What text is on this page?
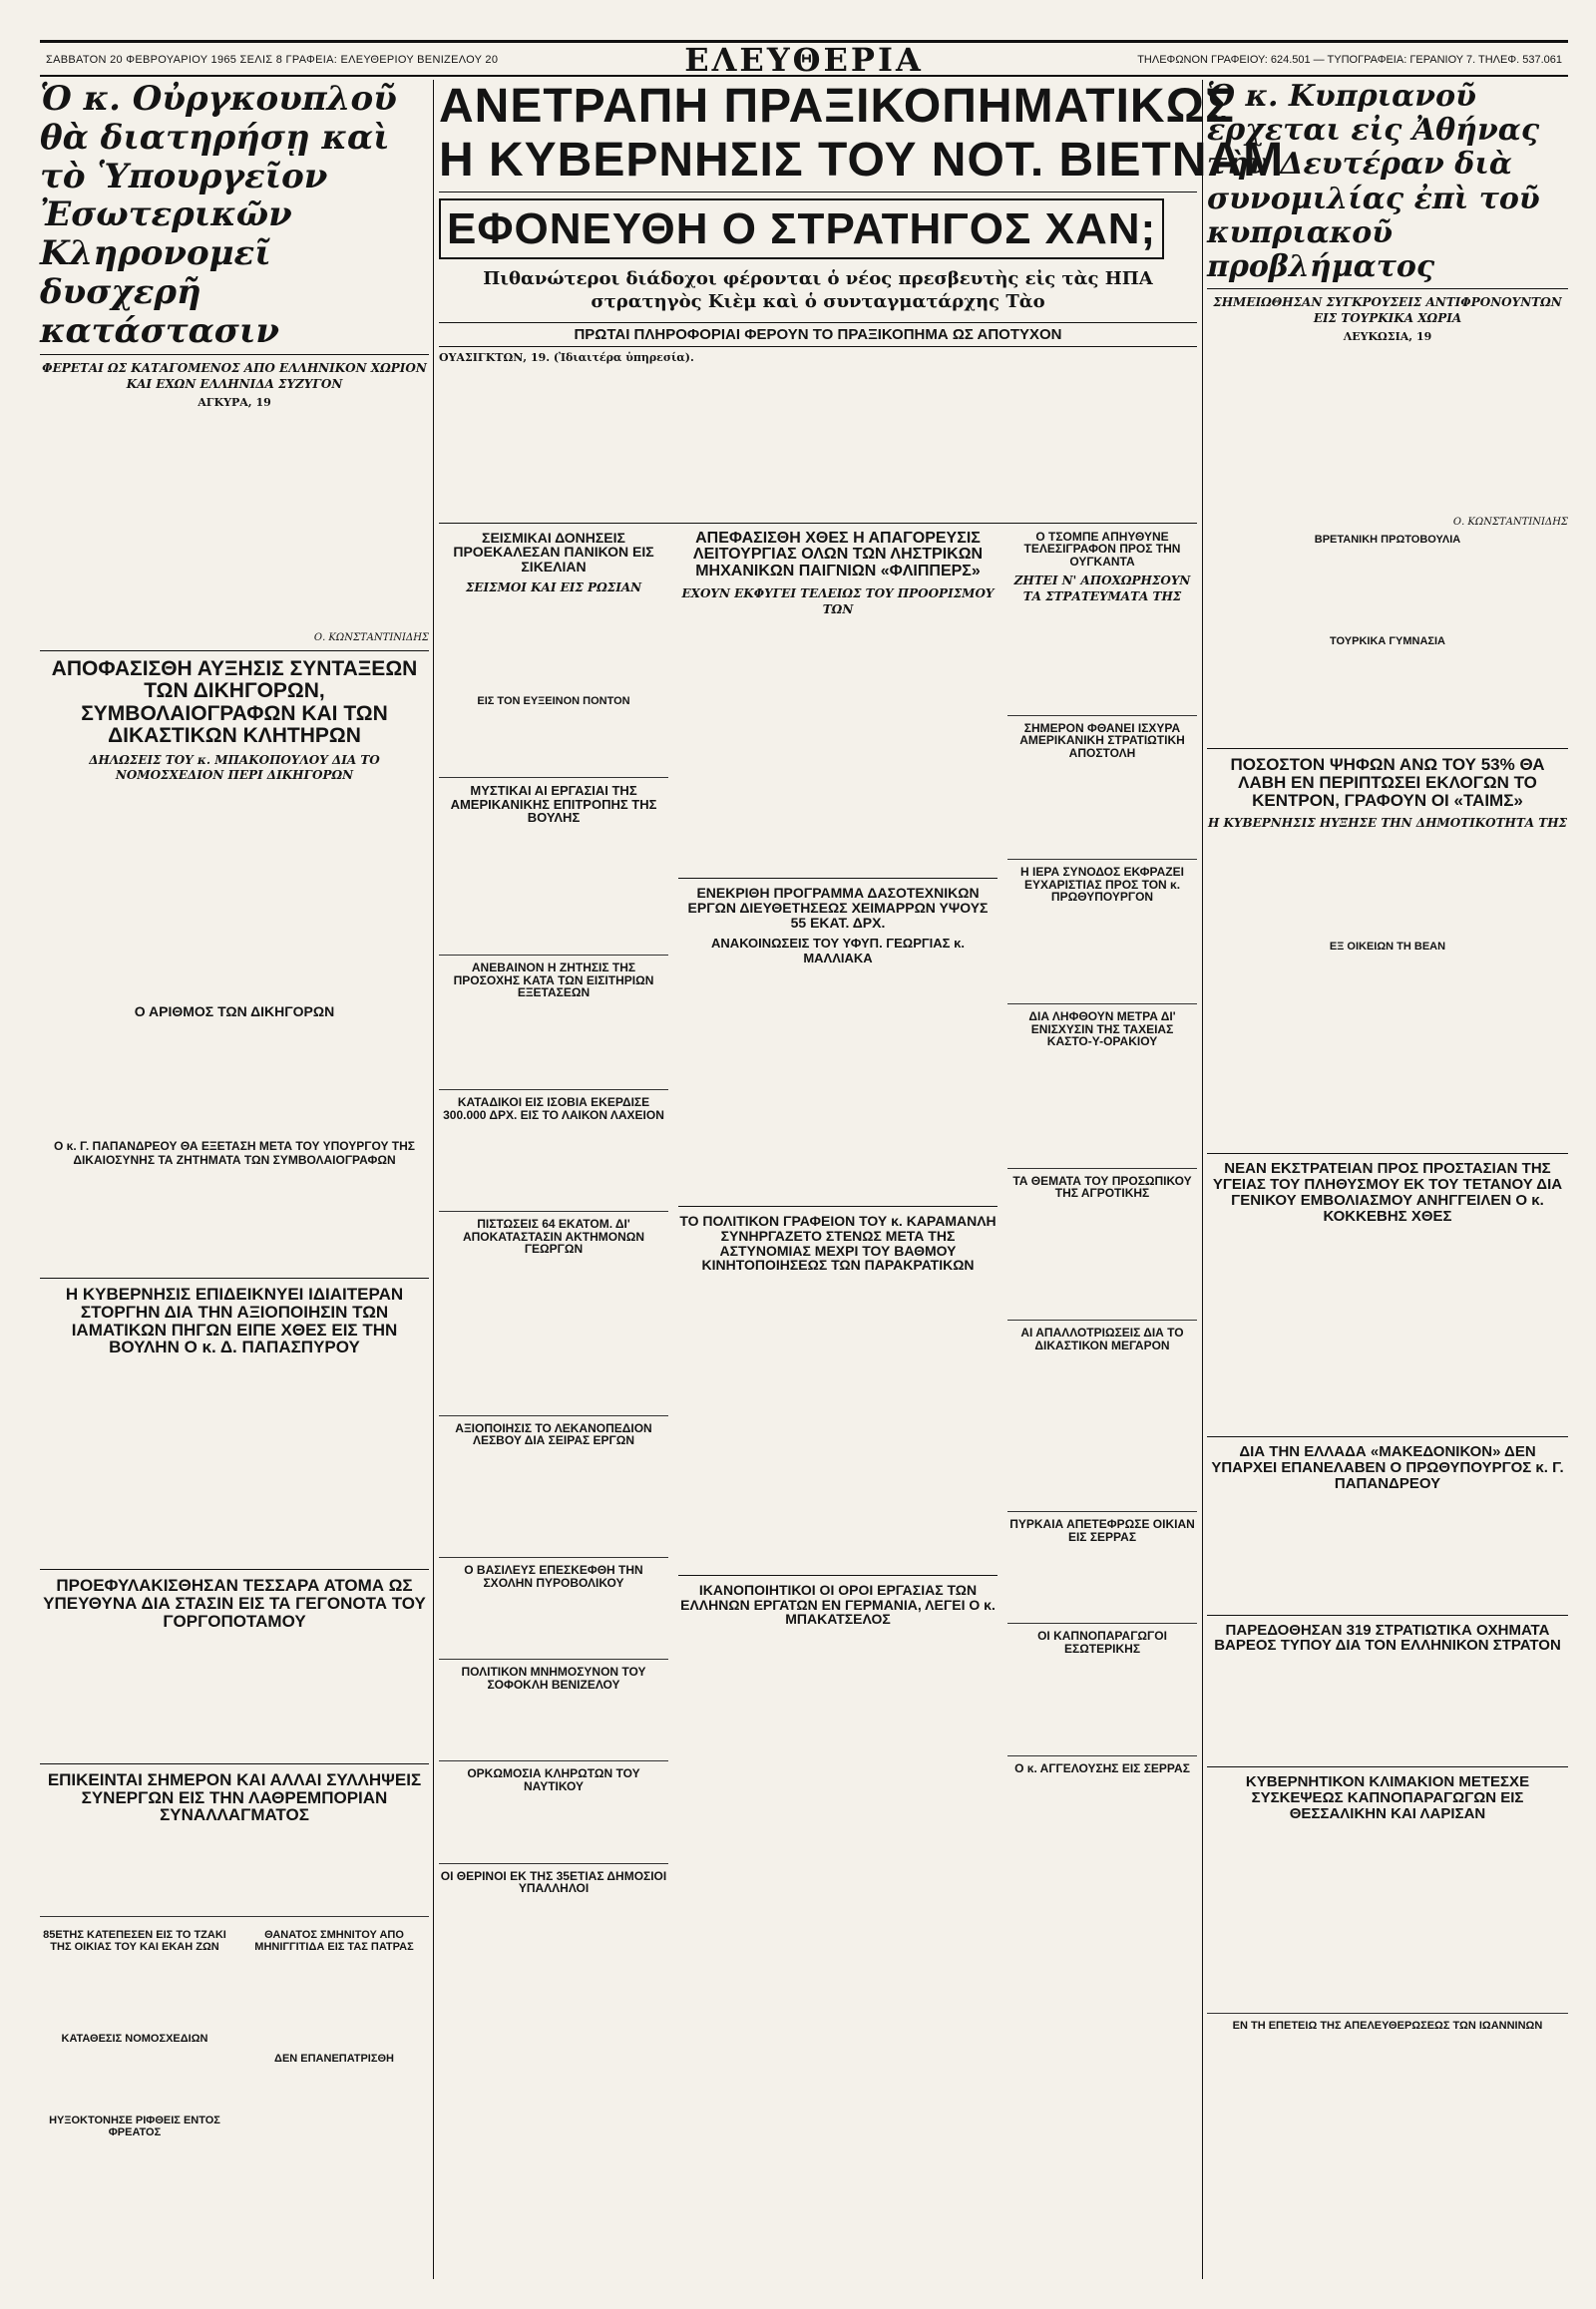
ΣΑΒΒΑΤΟΝ 20 ΦΕΒΡΟΥΑΡΙΟΥ 1965 ΣΕΛΙΣ 8 ΓΡΑΦΕΙΑ: ΕΛΕΥΘΕΡΙΟΥ ΒΕΝΙΖΕΛΟΥ 20	ΕΛΕΥΘΕΡΙΑ	ΤΗΛΕΦΩΝΟΝ ΓΡΑΦΕΙΟΥ: 624.501 — ΤΥΠΟΓΡΑΦΕΙΑ: ΓΕΡΑΝΙΟΥ 7. ΤΗΛΕΦ. 537.061
Ὁ κ. Οὐργκουπλοῦ θὰ διατηρήσῃ καὶ τὸ Ὑπουργεῖον Ἐσωτερικῶν Κληρονομεῖ δυσχερῆ κατάστασιν
ΦΕΡΕΤΑΙ ΩΣ ΚΑΤΑΓΟΜΕΝΟΣ ΑΠΟ ΕΛΛΗΝΙΚΟΝ ΧΩΡΙΟΝ ΚΑΙ ΕΧΩΝ ΕΛΛΗΝΙΔΑ ΣΥΖΥΓΟΝ
ΑΓΚΥΡΑ, 19
Ο. ΚΩΝΣΤΑΝΤΙΝΙΔΗΣ
ΑΠΟΦΑΣΙΣΘΗ ΑΥΞΗΣΙΣ ΣΥΝΤΑΞΕΩΝ ΤΩΝ ΔΙΚΗΓΟΡΩΝ, ΣΥΜΒΟΛΑΙΟΓΡΑΦΩΝ ΚΑΙ ΤΩΝ ΔΙΚΑΣΤΙΚΩΝ ΚΛΗΤΗΡΩΝ
ΔΗΛΩΣΕΙΣ ΤΟΥ κ. ΜΠΑΚΟΠΟΥΛΟΥ ΔΙΑ ΤΟ ΝΟΜΟΣΧΕΔΙΟΝ ΠΕΡΙ ΔΙΚΗΓΟΡΩΝ
Ο ΑΡΙΘΜΟΣ ΤΩΝ ΔΙΚΗΓΟΡΩΝ
Ο κ. Γ. ΠΑΠΑΝΔΡΕΟΥ ΘΑ ΕΞΕΤΑΣΗ ΜΕΤΑ ΤΟΥ ΥΠΟΥΡΓΟΥ ΤΗΣ ΔΙΚΑΙΟΣΥΝΗΣ ΤΑ ΖΗΤΗΜΑΤΑ ΤΩΝ ΣΥΜΒΟΛΑΙΟΓΡΑΦΩΝ
Η ΚΥΒΕΡΝΗΣΙΣ ΕΠΙΔΕΙΚΝΥΕΙ ΙΔΙΑΙΤΕΡΑΝ ΣΤΟΡΓΗΝ ΔΙΑ ΤΗΝ ΑΞΙΟΠΟΙΗΣΙΝ ΤΩΝ ΙΑΜΑΤΙΚΩΝ ΠΗΓΩΝ ΕΙΠΕ ΧΘΕΣ ΕΙΣ ΤΗΝ ΒΟΥΛΗΝ Ο κ. Δ. ΠΑΠΑΣΠΥΡΟΥ
ΠΡΟΕΦΥΛΑΚΙΣΘΗΣΑΝ ΤΕΣΣΑΡΑ ΑΤΟΜΑ ΩΣ ΥΠΕΥΘΥΝΑ ΔΙΑ ΣΤΑΣΙΝ ΕΙΣ ΤΑ ΓΕΓΟΝΟΤΑ ΤΟΥ ΓΟΡΓΟΠΟΤΑΜΟΥ
ΕΠΙΚΕΙΝΤΑΙ ΣΗΜΕΡΟΝ ΚΑΙ ΑΛΛΑΙ ΣΥΛΛΗΨΕΙΣ ΣΥΝΕΡΓΩΝ ΕΙΣ ΤΗΝ ΛΑΘΡΕΜΠΟΡΙΑΝ ΣΥΝΑΛΛΑΓΜΑΤΟΣ
85ΕΤΗΣ ΚΑΤΕΠΕΣΕΝ ΕΙΣ ΤΟ ΤΖΑΚΙ ΤΗΣ ΟΙΚΙΑΣ ΤΟΥ ΚΑΙ ΕΚΑΗ ΖΩΝ
ΚΑΤΑΘΕΣΙΣ ΝΟΜΟΣΧΕΔΙΩΝ
ΗΥΞΟΚΤΟΝΗΣΕ ΡΙΦΘΕΙΣ ΕΝΤΟΣ ΦΡΕΑΤΟΣ
ΘΑΝΑΤΟΣ ΣΜΗΝΙΤΟΥ ΑΠΟ ΜΗΝΙΓΓΙΤΙΔΑ ΕΙΣ ΤΑΣ ΠΑΤΡΑΣ
ΔΕΝ ΕΠΑΝΕΠΑΤΡΙΣΘΗ
ΑΝΕΤΡΑΠΗ ΠΡΑΞΙΚΟΠΗΜΑΤΙΚΩΣ
Η ΚΥΒΕΡΝΗΣΙΣ ΤΟΥ ΝΟΤ. ΒΙΕΤΝΑΜ
ΕΦΟΝΕΥΘΗ Ο ΣΤΡΑΤΗΓΟΣ ΧΑΝ;
Πιθανώτεροι διάδοχοι φέρονται ὁ νέος πρεσβευτὴς εἰς τὰς ΗΠΑ στρατηγὸς Κιὲμ καὶ ὁ συνταγματάρχης Τὰο
ΠΡΩΤΑΙ ΠΛΗΡΟΦΟΡΙΑΙ ΦΕΡΟΥΝ ΤΟ ΠΡΑΞΙΚΟΠΗΜΑ ΩΣ ΑΠΟΤΥΧΟΝ
ΟΥΑΣΙΓΚΤΩΝ, 19. (Ἰδιαιτέρα ὑπηρεσία).
ΣΕΙΣΜΙΚΑΙ ΔΟΝΗΣΕΙΣ ΠΡΟΕΚΑΛΕΣΑΝ ΠΑΝΙΚΟΝ ΕΙΣ ΣΙΚΕΛΙΑΝ
ΣΕΙΣΜΟΙ ΚΑΙ ΕΙΣ ΡΩΣΙΑΝ
ΕΙΣ ΤΟΝ ΕΥΞΕΙΝΟΝ ΠΟΝΤΟΝ
ΜΥΣΤΙΚΑΙ ΑΙ ΕΡΓΑΣΙΑΙ ΤΗΣ ΑΜΕΡΙΚΑΝΙΚΗΣ ΕΠΙΤΡΟΠΗΣ ΤΗΣ ΒΟΥΛΗΣ
ΑΝΕΒΑΙΝΟΝ Η ΖΗΤΗΣΙΣ ΤΗΣ ΠΡΟΣΟΧΗΣ ΚΑΤΑ ΤΩΝ ΕΙΣΙΤΗΡΙΩΝ ΕΞΕΤΑΣΕΩΝ
ΚΑΤΑΔΙΚΟΙ ΕΙΣ ΙΣΟΒΙΑ ΕΚΕΡΔΙΣΕ 300.000 ΔΡΧ. ΕΙΣ ΤΟ ΛΑΙΚΟΝ ΛΑΧΕΙΟΝ
ΠΙΣΤΩΣΕΙΣ 64 ΕΚΑΤΟΜ. ΔΙ' ΑΠΟΚΑΤΑΣΤΑΣΙΝ ΑΚΤΗΜΟΝΩΝ ΓΕΩΡΓΩΝ
ΑΞΙΟΠΟΙΗΣΙΣ ΤΟ ΛΕΚΑΝΟΠΕΔΙΟΝ ΛΕΣΒΟΥ ΔΙΑ ΣΕΙΡΑΣ ΕΡΓΩΝ
Ο ΒΑΣΙΛΕΥΣ ΕΠΕΣΚΕΦΘΗ ΤΗΝ ΣΧΟΛΗΝ ΠΥΡΟΒΟΛΙΚΟΥ
ΠΟΛΙΤΙΚΟΝ ΜΝΗΜΟΣΥΝΟΝ ΤΟΥ ΣΟΦΟΚΛΗ ΒΕΝΙΖΕΛΟΥ
ΟΡΚΩΜΟΣΙΑ ΚΛΗΡΩΤΩΝ ΤΟΥ ΝΑΥΤΙΚΟΥ
ΟΙ ΘΕΡΙΝΟΙ ΕΚ ΤΗΣ 35ΕΤΙΑΣ ΔΗΜΟΣΙΟΙ ΥΠΑΛΛΗΛΟΙ
ΑΠΕΦΑΣΙΣΘΗ ΧΘΕΣ Η ΑΠΑΓΟΡΕΥΣΙΣ ΛΕΙΤΟΥΡΓΙΑΣ ΟΛΩΝ ΤΩΝ ΛΗΣΤΡΙΚΩΝ ΜΗΧΑΝΙΚΩΝ ΠΑΙΓΝΙΩΝ «ΦΛΙΠΠΕΡΣ»
ΕΧΟΥΝ ΕΚΦΥΓΕΙ ΤΕΛΕΙΩΣ ΤΟΥ ΠΡΟΟΡΙΣΜΟΥ ΤΩΝ
ΕΝΕΚΡΙΘΗ ΠΡΟΓΡΑΜΜΑ ΔΑΣΟΤΕΧΝΙΚΩΝ ΕΡΓΩΝ ΔΙΕΥΘΕΤΗΣΕΩΣ ΧΕΙΜΑΡΡΩΝ ΥΨΟΥΣ 55 ΕΚΑΤ. ΔΡΧ.
ΑΝΑΚΟΙΝΩΣΕΙΣ ΤΟΥ ΥΦΥΠ. ΓΕΩΡΓΙΑΣ κ. ΜΑΛΛΙΑΚΑ
ΤΟ ΠΟΛΙΤΙΚΟΝ ΓΡΑΦΕΙΟΝ ΤΟΥ κ. ΚΑΡΑΜΑΝΛΗ ΣΥΝΗΡΓΑΖΕΤΟ ΣΤΕΝΩΣ ΜΕΤΑ ΤΗΣ ΑΣΤΥΝΟΜΙΑΣ ΜΕΧΡΙ ΤΟΥ ΒΑΘΜΟΥ ΚΙΝΗΤΟΠΟΙΗΣΕΩΣ ΤΩΝ ΠΑΡΑΚΡΑΤΙΚΩΝ
ΙΚΑΝΟΠΟΙΗΤΙΚΟΙ ΟΙ ΟΡΟΙ ΕΡΓΑΣΙΑΣ ΤΩΝ ΕΛΛΗΝΩΝ ΕΡΓΑΤΩΝ ΕΝ ΓΕΡΜΑΝΙΑ, ΛΕΓΕΙ Ο κ. ΜΠΑΚΑΤΣΕΛΟΣ
Ο ΤΣΟΜΠΕ ΑΠΗΥΘΥΝΕ ΤΕΛΕΣΙΓΡΑΦΟΝ ΠΡΟΣ ΤΗΝ ΟΥΓΚΑΝΤΑ
ΖΗΤΕΙ Ν' ΑΠΟΧΩΡΗΣΟΥΝ ΤΑ ΣΤΡΑΤΕΥΜΑΤΑ ΤΗΣ
ΣΗΜΕΡΟΝ ΦΘΑΝΕΙ ΙΣΧΥΡΑ ΑΜΕΡΙΚΑΝΙΚΗ ΣΤΡΑΤΙΩΤΙΚΗ ΑΠΟΣΤΟΛΗ
Η ΙΕΡΑ ΣΥΝΟΔΟΣ ΕΚΦΡΑΖΕΙ ΕΥΧΑΡΙΣΤΙΑΣ ΠΡΟΣ ΤΟΝ κ. ΠΡΩΘΥΠΟΥΡΓΟΝ
ΔΙΑ ΛΗΦΘΟΥΝ ΜΕΤΡΑ ΔΙ' ΕΝΙΣΧΥΣΙΝ ΤΗΣ ΤΑΧΕΙΑΣ ΚΑΣΤΟ-Υ-ΟΡΑΚΙΟΥ
ΤΑ ΘΕΜΑΤΑ ΤΟΥ ΠΡΟΣΩΠΙΚΟΥ ΤΗΣ ΑΓΡΟΤΙΚΗΣ
ΑΙ ΑΠΑΛΛΟΤΡΙΩΣΕΙΣ ΔΙΑ ΤΟ ΔΙΚΑΣΤΙΚΟΝ ΜΕΓΑΡΟΝ
ΠΥΡΚΑΙΑ ΑΠΕΤΕΦΡΩΣΕ ΟΙΚΙΑΝ ΕΙΣ ΣΕΡΡΑΣ
ΟΙ ΚΑΠΝΟΠΑΡΑΓΩΓΟΙ ΕΣΩΤΕΡΙΚΗΣ
Ο κ. ΑΓΓΕΛΟΥΣΗΣ ΕΙΣ ΣΕΡΡΑΣ
Ὁ κ. Κυπριανοῦ ἔρχεται εἰς Ἀθήνας τὴν Δευτέραν διὰ συνομιλίας ἐπὶ τοῦ κυπριακοῦ προβλήματος
ΣΗΜΕΙΩΘΗΣΑΝ ΣΥΓΚΡΟΥΣΕΙΣ ΑΝΤΙΦΡΟΝΟΥΝΤΩΝ ΕΙΣ ΤΟΥΡΚΙΚΑ ΧΩΡΙΑ
ΛΕΥΚΩΣΙΑ, 19
Ο. ΚΩΝΣΤΑΝΤΙΝΙΔΗΣ
ΒΡΕΤΑΝΙΚΗ ΠΡΩΤΟΒΟΥΛΙΑ
ΤΟΥΡΚΙΚΑ ΓΥΜΝΑΣΙΑ
ΠΟΣΟΣΤΟΝ ΨΗΦΩΝ ΑΝΩ ΤΟΥ 53% ΘΑ ΛΑΒΗ ΕΝ ΠΕΡΙΠΤΩΣΕΙ ΕΚΛΟΓΩΝ ΤΟ ΚΕΝΤΡΟΝ, ΓΡΑΦΟΥΝ ΟΙ «ΤΑΙΜΣ»
Η ΚΥΒΕΡΝΗΣΙΣ ΗΥΞΗΣΕ ΤΗΝ ΔΗΜΟΤΙΚΟΤΗΤΑ ΤΗΣ
ΕΞ ΟΙΚΕΙΩΝ ΤΗ ΒΕΑΝ
ΝΕΑΝ ΕΚΣΤΡΑΤΕΙΑΝ ΠΡΟΣ ΠΡΟΣΤΑΣΙΑΝ ΤΗΣ ΥΓΕΙΑΣ ΤΟΥ ΠΛΗΘΥΣΜΟΥ ΕΚ ΤΟΥ ΤΕΤΑΝΟΥ ΔΙΑ ΓΕΝΙΚΟΥ ΕΜΒΟΛΙΑΣΜΟΥ ΑΝΗΓΓΕΙΛΕΝ Ο κ. ΚΟΚΚΕΒΗΣ ΧΘΕΣ
ΔΙΑ ΤΗΝ ΕΛΛΑΔΑ «ΜΑΚΕΔΟΝΙΚΟΝ» ΔΕΝ ΥΠΑΡΧΕΙ ΕΠΑΝΕΛΑΒΕΝ Ο ΠΡΩΘΥΠΟΥΡΓΟΣ κ. Γ. ΠΑΠΑΝΔΡΕΟΥ
ΠΑΡΕΔΟΘΗΣΑΝ 319 ΣΤΡΑΤΙΩΤΙΚΑ ΟΧΗΜΑΤΑ ΒΑΡΕΟΣ ΤΥΠΟΥ ΔΙΑ ΤΟΝ ΕΛΛΗΝΙΚΟΝ ΣΤΡΑΤΟΝ
ΚΥΒΕΡΝΗΤΙΚΟΝ ΚΛΙΜΑΚΙΟΝ ΜΕΤΕΣΧΕ ΣΥΣΚΕΨΕΩΣ ΚΑΠΝΟΠΑΡΑΓΩΓΩΝ ΕΙΣ ΘΕΣΣΑΛΙΚΗΝ ΚΑΙ ΛΑΡΙΣΑΝ
ΕΝ ΤΗ ΕΠΕΤΕΙΩ ΤΗΣ ΑΠΕΛΕΥΘΕΡΩΣΕΩΣ ΤΩΝ ΙΩΑΝΝΙΝΩΝ
